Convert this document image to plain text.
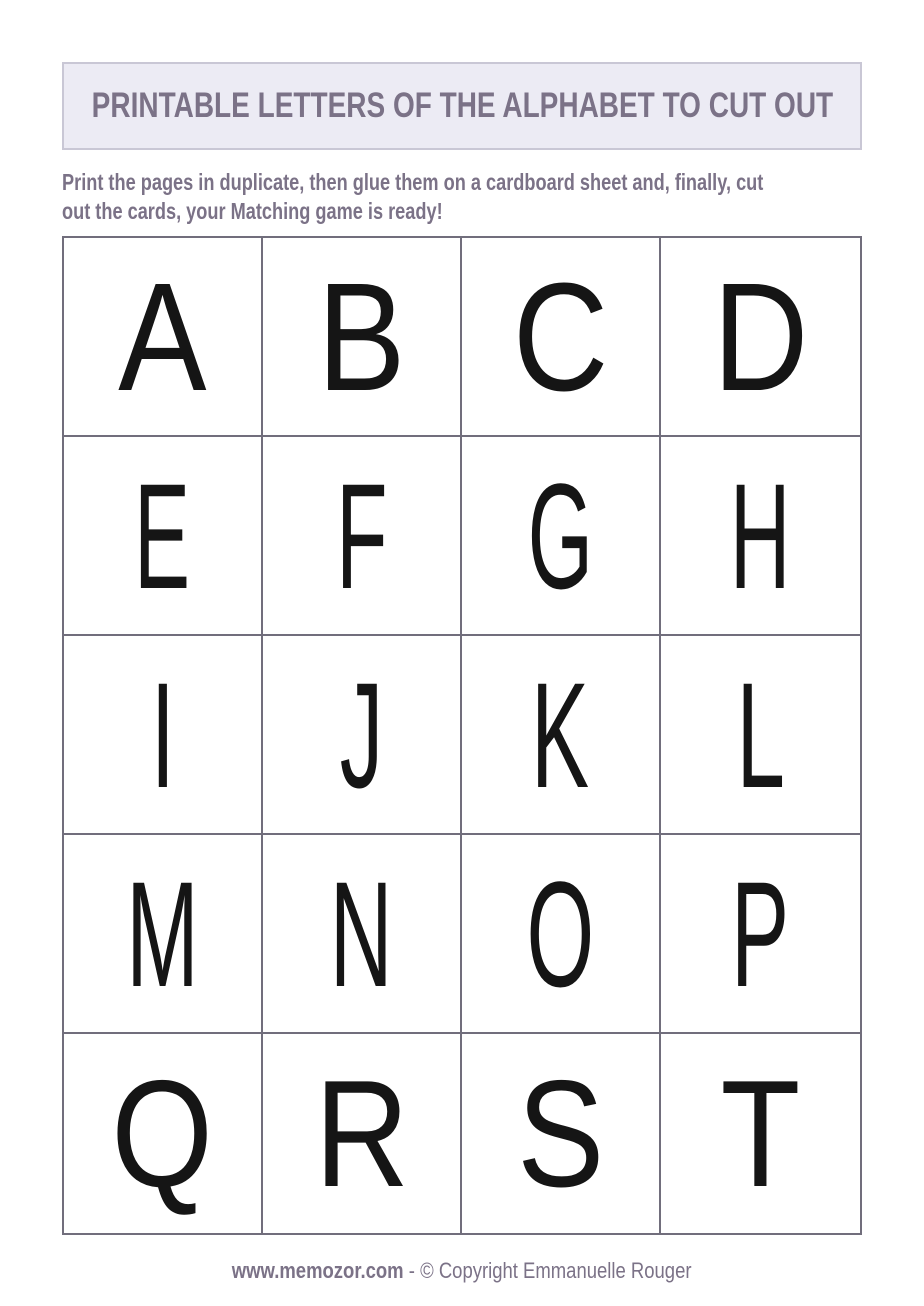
PRINTABLE LETTERS OF THE ALPHABET TO CUT OUT
Print the pages in duplicate, then glue them on a cardboard sheet and, finally, cut
out the cards, your Matching game is ready!
A B C D
E F G H
I J K L
M N O P
Q R S T
www.memozor.com - © Copyright Emmanuelle Rouger
